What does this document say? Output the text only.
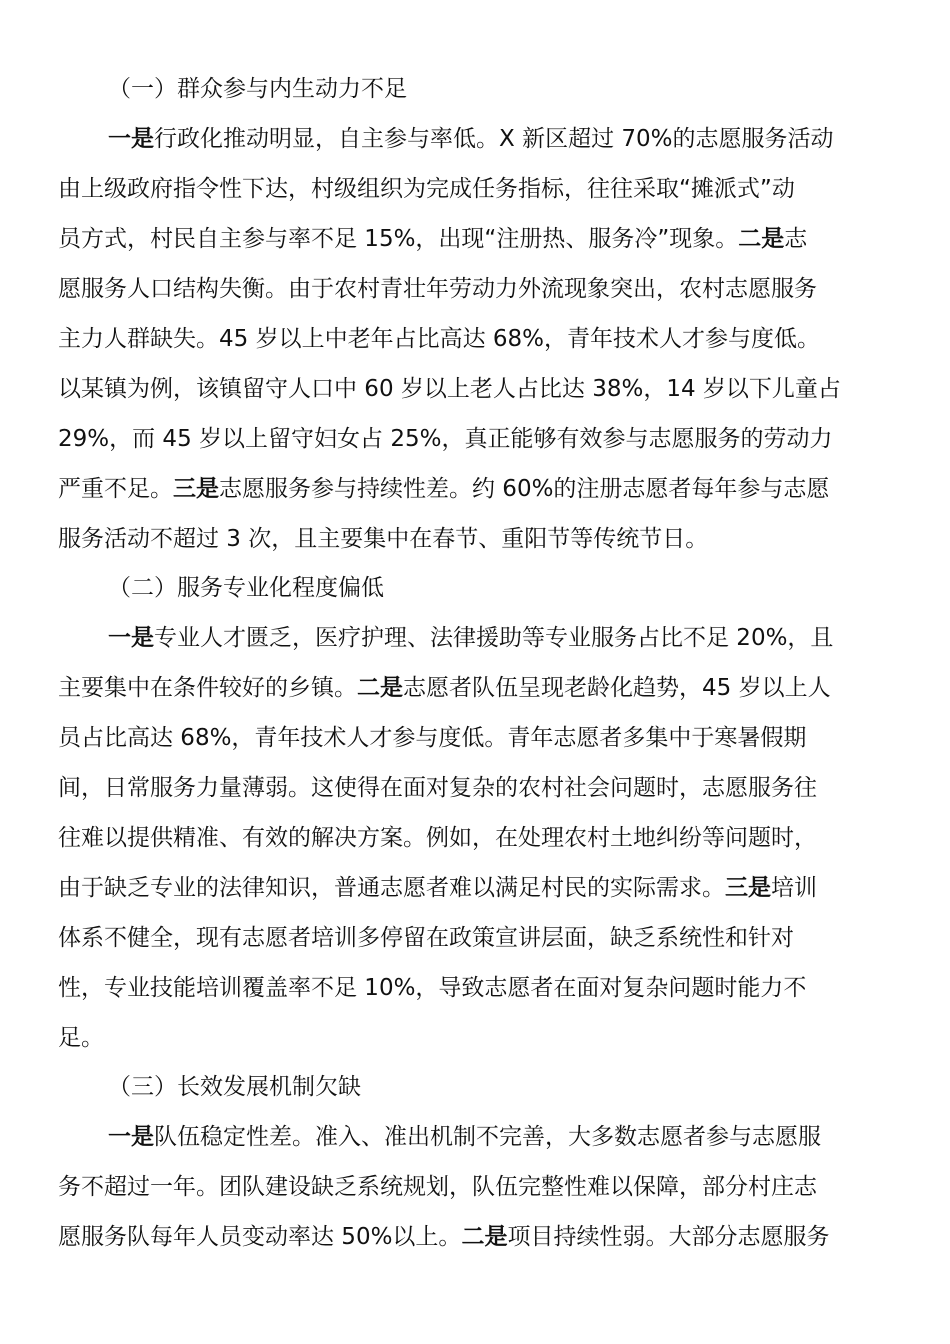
（一）群众参与内生动力不足
一是行政化推动明显，自主参与率低。X 新区超过 70%的志愿服务活动
由上级政府指令性下达，村级组织为完成任务指标，往往采取“摊派式”动
员方式，村民自主参与率不足 15%，出现“注册热、服务冷”现象。二是志
愿服务人口结构失衡。由于农村青壮年劳动力外流现象突出，农村志愿服务
主力人群缺失。45 岁以上中老年占比高达 68%，青年技术人才参与度低。
以某镇为例，该镇留守人口中 60 岁以上老人占比达 38%，14 岁以下儿童占
29%，而 45 岁以上留守妇女占 25%，真正能够有效参与志愿服务的劳动力
严重不足。三是志愿服务参与持续性差。约 60%的注册志愿者每年参与志愿
服务活动不超过 3 次，且主要集中在春节、重阳节等传统节日。
（二）服务专业化程度偏低
一是专业人才匮乏，医疗护理、法律援助等专业服务占比不足 20%，且
主要集中在条件较好的乡镇。二是志愿者队伍呈现老龄化趋势，45 岁以上人
员占比高达 68%，青年技术人才参与度低。青年志愿者多集中于寒暑假期
间，日常服务力量薄弱。这使得在面对复杂的农村社会问题时，志愿服务往
往难以提供精准、有效的解决方案。例如，在处理农村土地纠纷等问题时，
由于缺乏专业的法律知识，普通志愿者难以满足村民的实际需求。三是培训
体系不健全，现有志愿者培训多停留在政策宣讲层面，缺乏系统性和针对
性，专业技能培训覆盖率不足 10%，导致志愿者在面对复杂问题时能力不
足。
（三）长效发展机制欠缺
一是队伍稳定性差。准入、准出机制不完善，大多数志愿者参与志愿服
务不超过一年。团队建设缺乏系统规划，队伍完整性难以保障，部分村庄志
愿服务队每年人员变动率达 50%以上。二是项目持续性弱。大部分志愿服务
